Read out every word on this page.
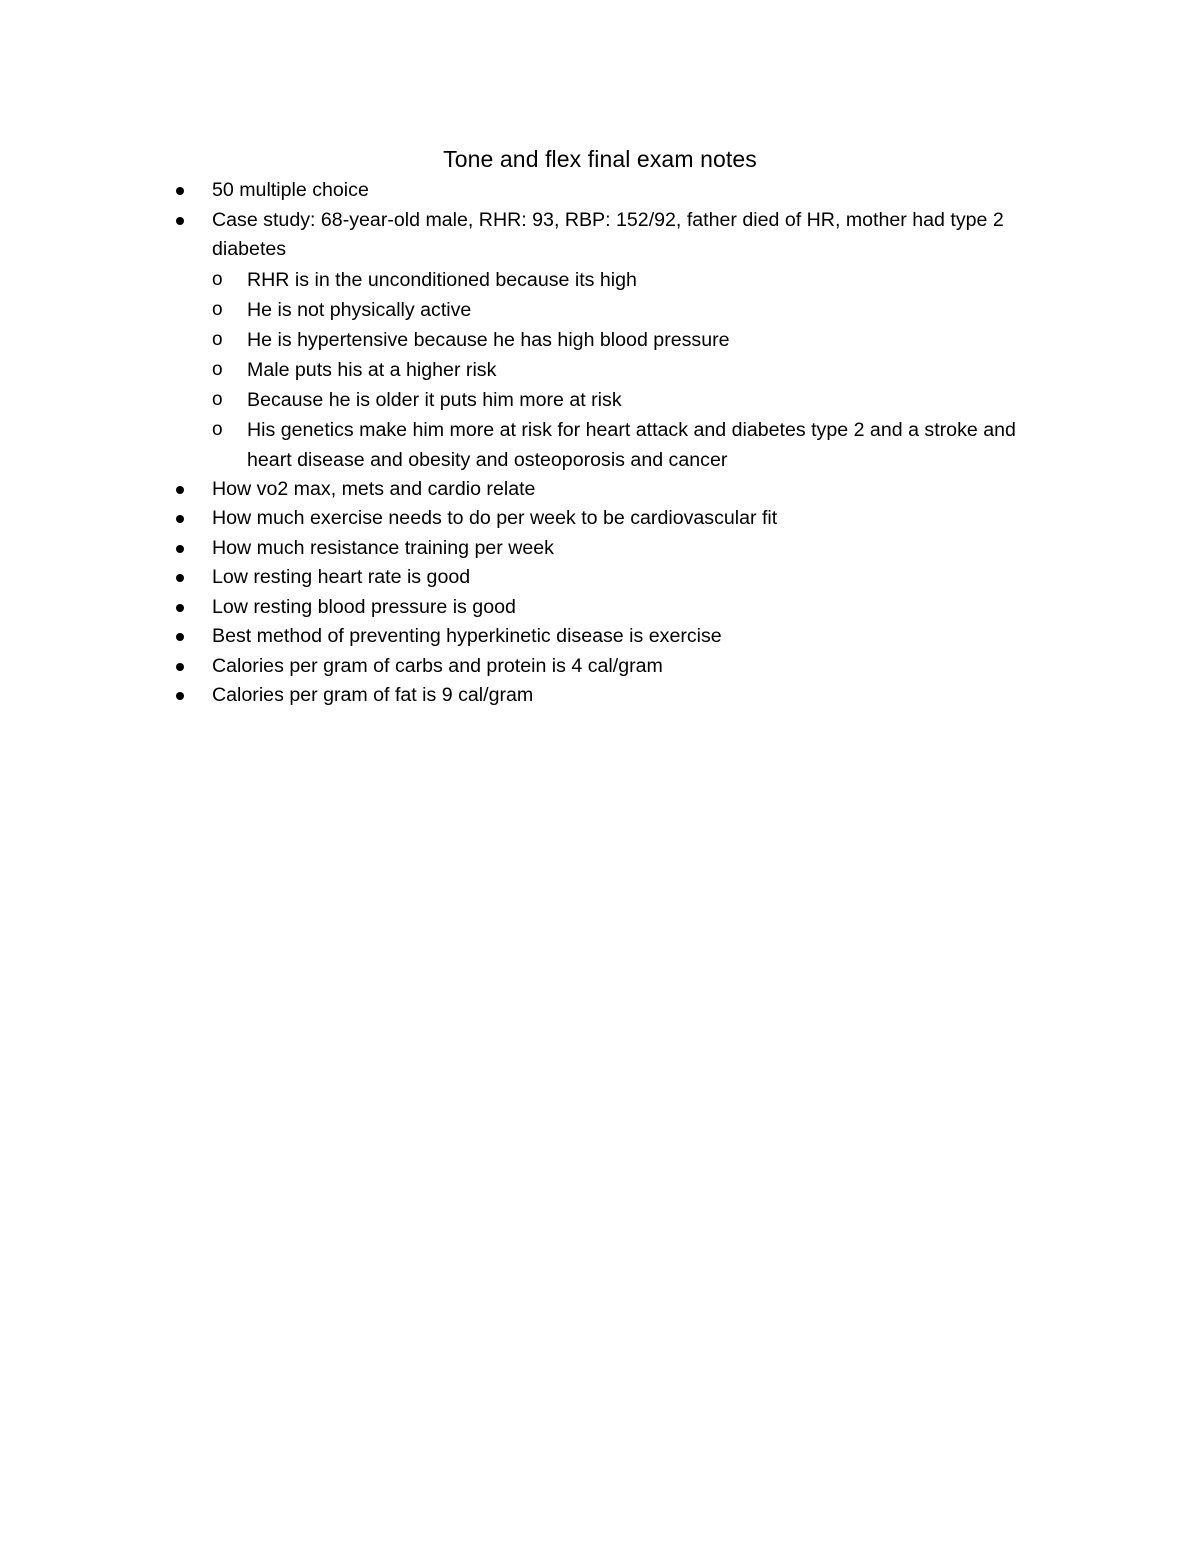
Tone and flex final exam notes
50 multiple choice
Case study: 68-year-old male, RHR: 93, RBP: 152/92, father died of HR, mother had type 2 diabetes
o RHR is in the unconditioned because its high
o He is not physically active
o He is hypertensive because he has high blood pressure
o Male puts his at a higher risk
o Because he is older it puts him more at risk
o His genetics make him more at risk for heart attack and diabetes type 2 and a stroke and heart disease and obesity and osteoporosis and cancer
How vo2 max, mets and cardio relate
How much exercise needs to do per week to be cardiovascular fit
How much resistance training per week
Low resting heart rate is good
Low resting blood pressure is good
Best method of preventing hyperkinetic disease is exercise
Calories per gram of carbs and protein is 4 cal/gram
Calories per gram of fat is 9 cal/gram
